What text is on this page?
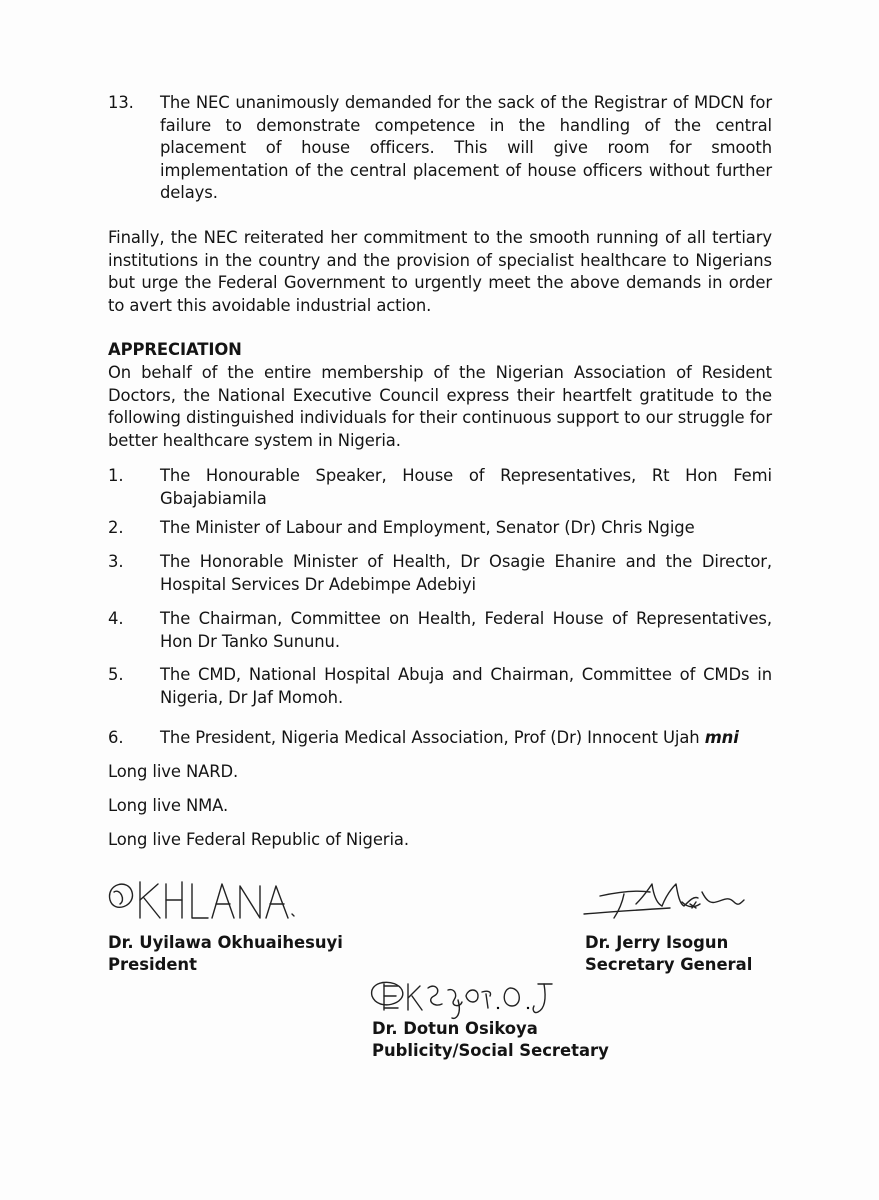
13. The NEC unanimously demanded for the sack of the Registrar of MDCN for failure to demonstrate competence in the handling of the central placement of house officers. This will give room for smooth implementation of the central placement of house officers without further delays.
Finally, the NEC reiterated her commitment to the smooth running of all tertiary institutions in the country and the provision of specialist healthcare to Nigerians but urge the Federal Government to urgently meet the above demands in order to avert this avoidable industrial action.
APPRECIATION
On behalf of the entire membership of the Nigerian Association of Resident Doctors, the National Executive Council express their heartfelt gratitude to the following distinguished individuals for their continuous support to our struggle for better healthcare system in Nigeria.
1. The Honourable Speaker, House of Representatives, Rt Hon Femi Gbajabiamila
2. The Minister of Labour and Employment, Senator (Dr) Chris Ngige
3. The Honorable Minister of Health, Dr Osagie Ehanire and the Director, Hospital Services Dr Adebimpe Adebiyi
4. The Chairman, Committee on Health, Federal House of Representatives, Hon Dr Tanko Sununu.
5. The CMD, National Hospital Abuja and Chairman, Committee of CMDs in Nigeria, Dr Jaf Momoh.
6. The President, Nigeria Medical Association, Prof (Dr) Innocent Ujah mni
Long live NARD.
Long live NMA.
Long live Federal Republic of Nigeria.
Dr. Uyilawa Okhuaihesuyi
President
Dr. Jerry Isogun
Secretary General
Dr. Dotun Osikoya
Publicity/Social Secretary
